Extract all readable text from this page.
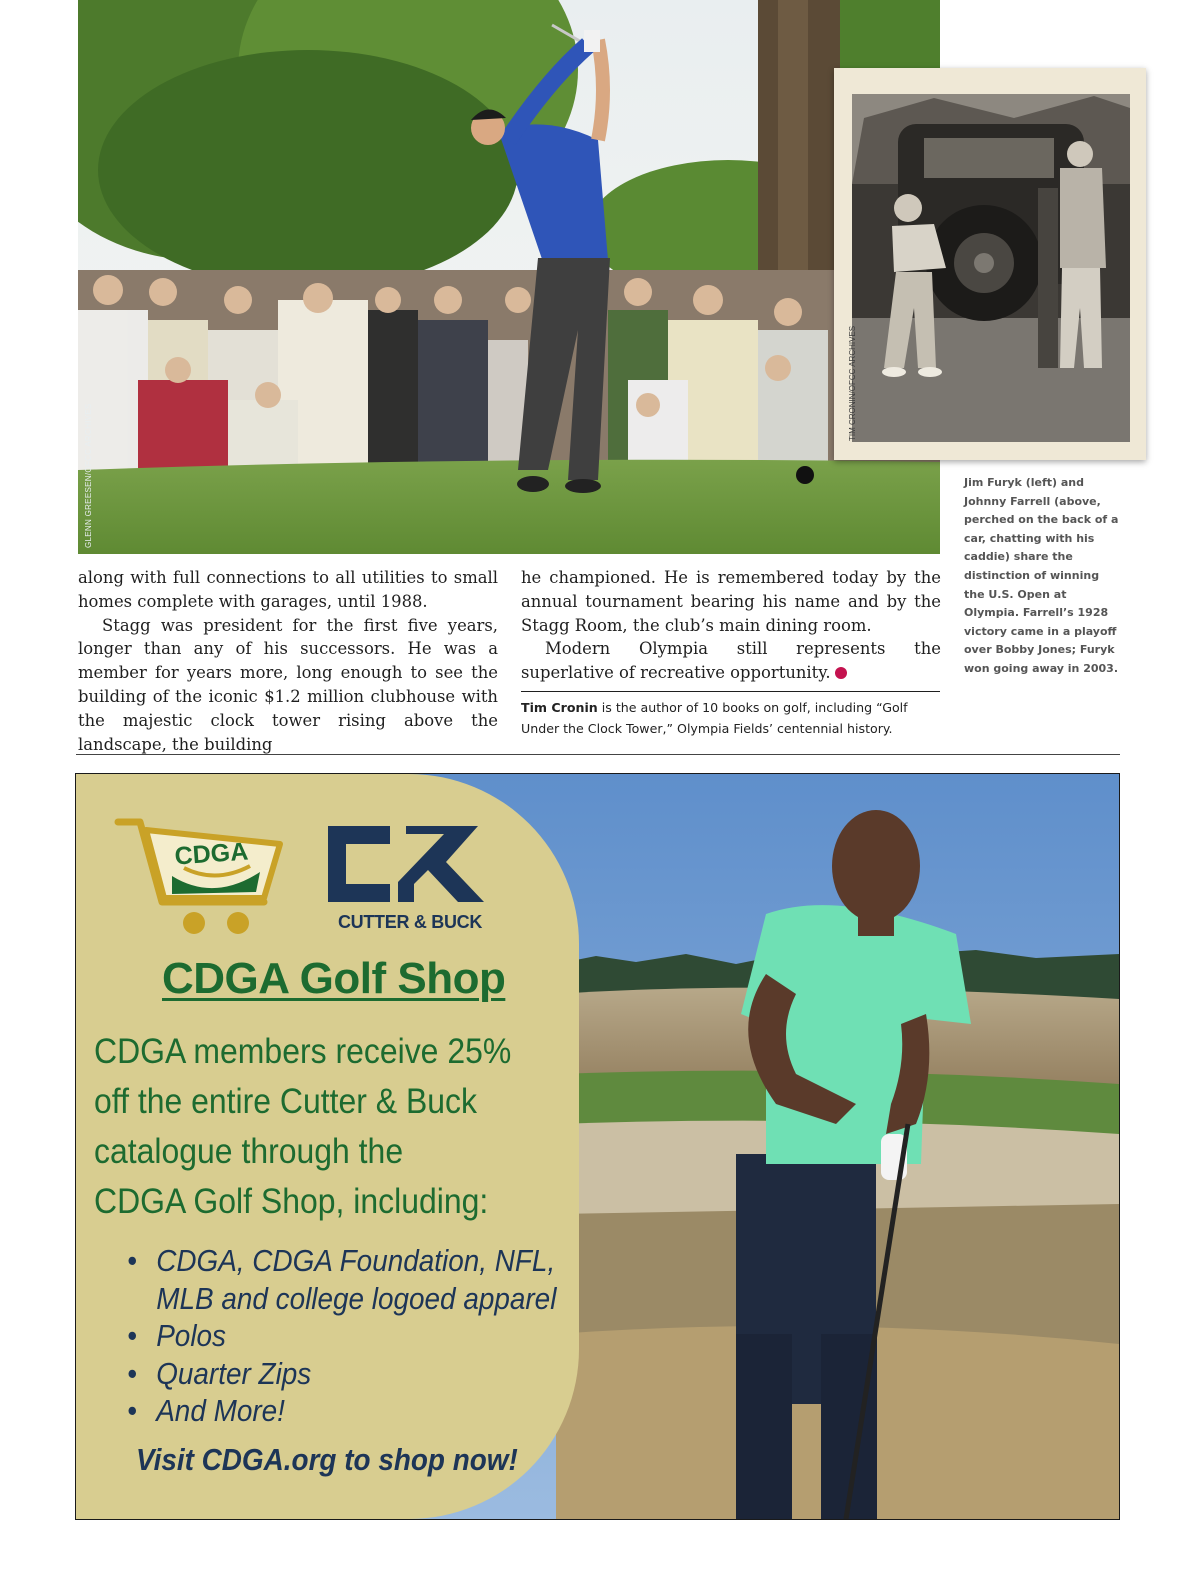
GLENN GREESEN/OFCC ARCHIVES
TIM CRONIN/OFCC ARCHIVES
Jim Furyk (left) and Johnny Farrell (above, perched on the back of a car, chatting with his caddie) share the distinction of winning the U.S. Open at Olympia. Farrell’s 1928 victory came in a playoff over Bobby Jones; Furyk won going away in 2003.

along with full connections to all utilities to small homes complete with garages, until 1988.

Stagg was president for the first five years, longer than any of his successors. He was a member for years more, long enough to see the building of the iconic $1.2 million clubhouse with the majestic clock tower rising above the landscape, the building

he championed. He is remembered today by the annual tournament bearing his name and by the Stagg Room, the club’s main dining room.

Modern Olympia still represents the superlative of recreative opportunity.

Tim Cronin is the author of 10 books on golf, including “Golf Under the Clock Tower,” Olympia Fields’ centennial history.
CDGA
CUTTER & BUCK
CDGA Golf Shop
CDGA members receive 25%
off the entire Cutter & Buck
catalogue through the
CDGA Golf Shop, including:
• CDGA, CDGA Foundation, NFL,
MLB and college logoed apparel
• Polos
• Quarter Zips
• And More!
Visit CDGA.org to shop now!
